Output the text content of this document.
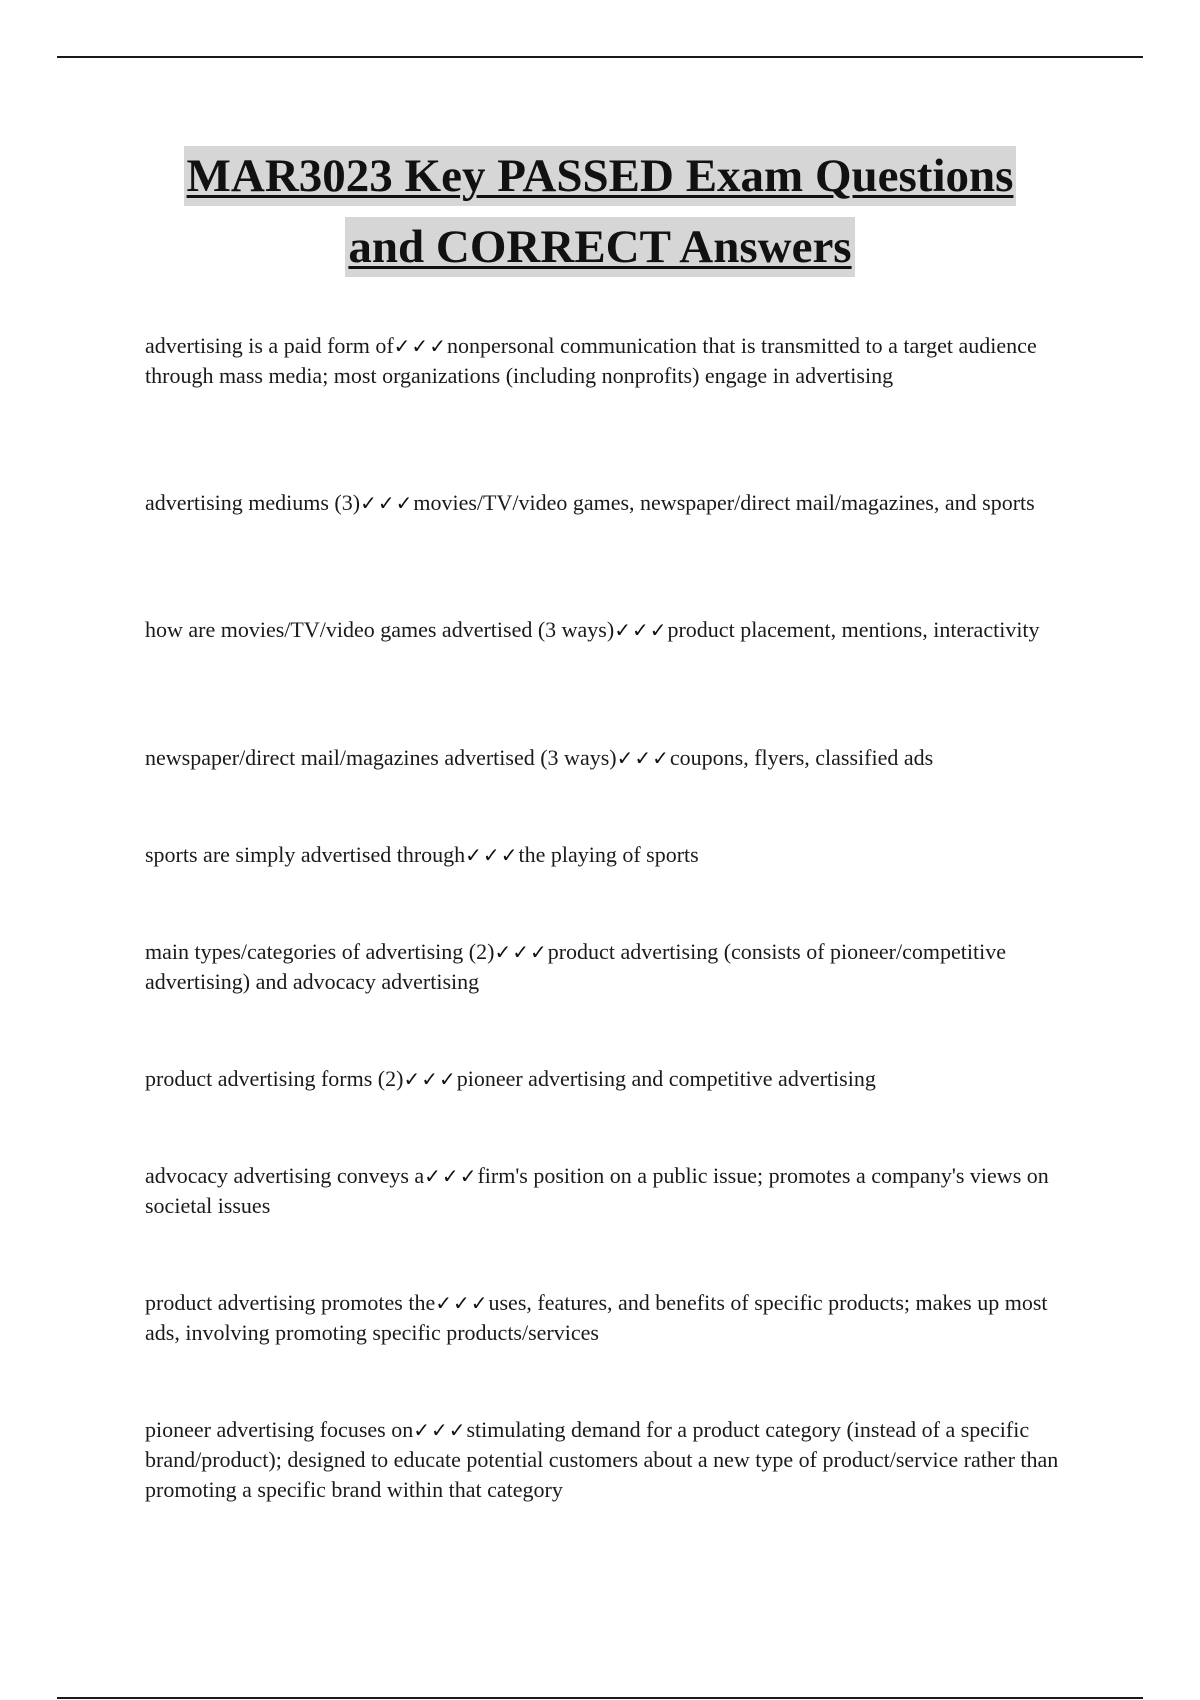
MAR3023 Key PASSED Exam Questions
and CORRECT Answers

advertising is a paid form of✓✓✓nonpersonal communication that is transmitted to a target audience through mass media; most organizations (including nonprofits) engage in advertising

advertising mediums (3)✓✓✓movies/TV/video games, newspaper/direct mail/magazines, and sports

how are movies/TV/video games advertised (3 ways)✓✓✓product placement, mentions, interactivity

newspaper/direct mail/magazines advertised (3 ways)✓✓✓coupons, flyers, classified ads

sports are simply advertised through✓✓✓the playing of sports

main types/categories of advertising (2)✓✓✓product advertising (consists of pioneer/competitive advertising) and advocacy advertising

product advertising forms (2)✓✓✓pioneer advertising and competitive advertising

advocacy advertising conveys a✓✓✓firm's position on a public issue; promotes a company's views on societal issues

product advertising promotes the✓✓✓uses, features, and benefits of specific products; makes up most ads, involving promoting specific products/services

pioneer advertising focuses on✓✓✓stimulating demand for a product category (instead of a specific brand/product); designed to educate potential customers about a new type of product/service rather than promoting a specific brand within that category
